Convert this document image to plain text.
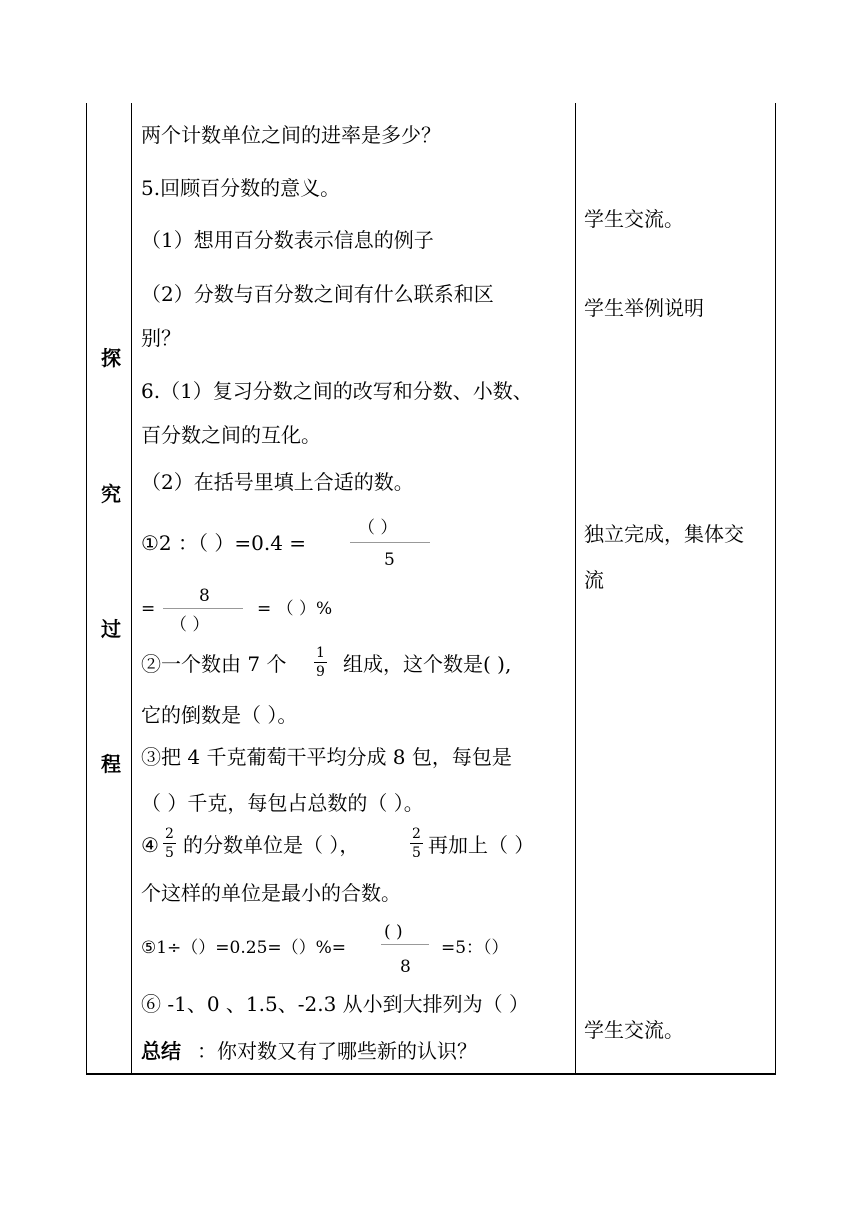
探
究
过
程
两个计数单位之间的进率是多少？
5.回顾百分数的意义。
（1）想用百分数表示信息的例子
（2）分数与百分数之间有什么联系和区
别？
6.（1）复习分数之间的改写和分数、小数、
百分数之间的互化。
（2）在括号里填上合适的数。
①2 ：（ ）=0.4 =
（ ）
5
=
8
（ ）
= （ ）%
②一个数由 7 个 $\frac{1}{9}$ 组成，这个数是( ),
它的倒数是（ ）。
③把 4 千克葡萄干平均分成 8 包，每包是
（ ）千克，每包占总数的（ ）。
④ $\frac{2}{5}$ 的分数单位是（ ），	$\frac{2}{5}$ 再加上（ ）
个这样的单位是最小的合数。
⑤1÷（）=0.25=（）%=
( )
8
=5：（）
⑥ -1、0 、1.5、-2.3 从小到大排列为（ ）
总结 ：你对数又有了哪些新的认识？
学生交流。
学生举例说明
独立完成，集体交
流
学生交流。
